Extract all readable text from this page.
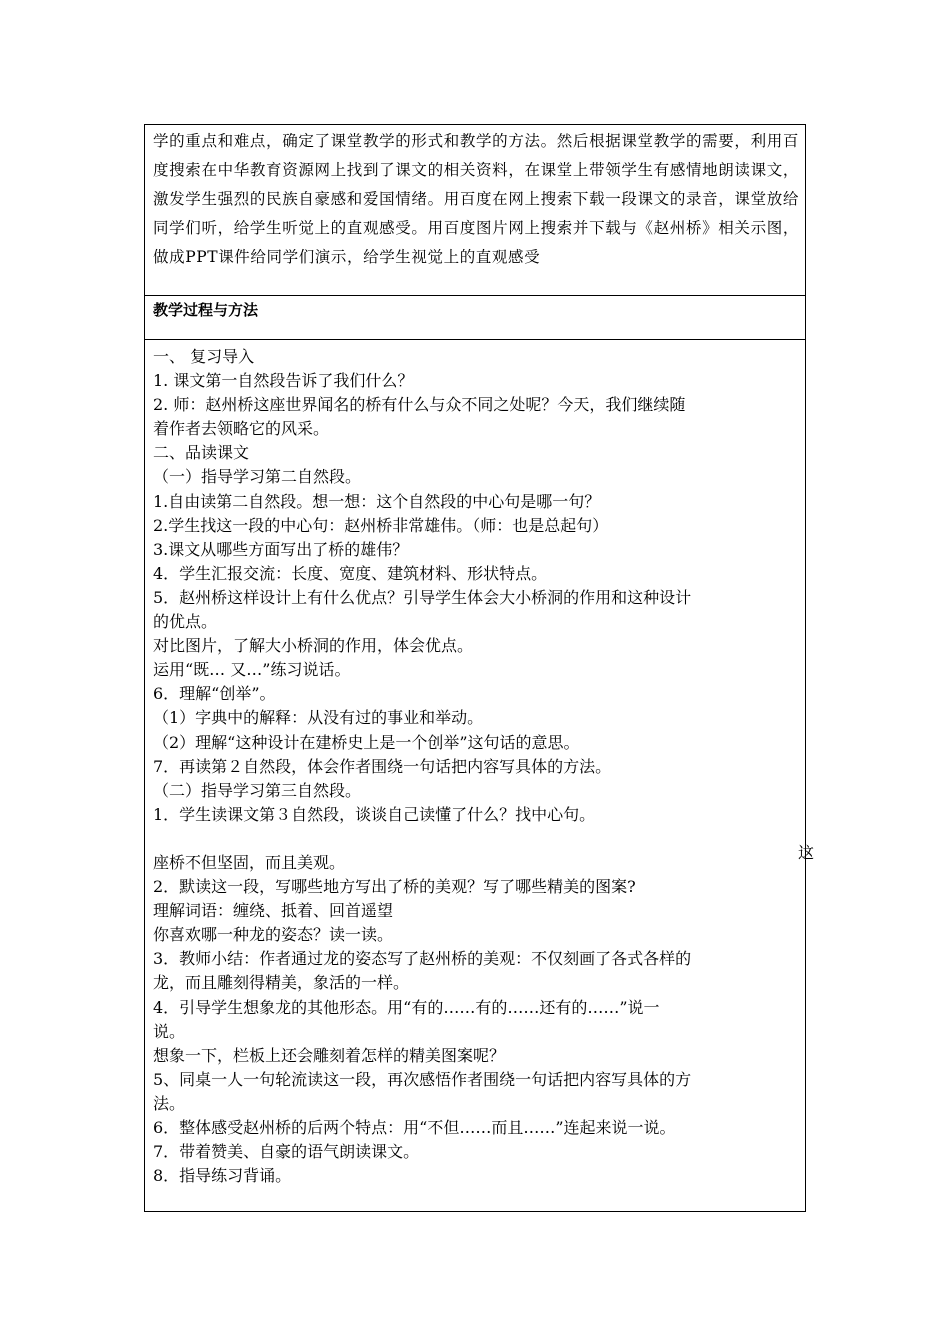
学的重点和难点，确定了课堂教学的形式和教学的方法。然后根据课堂教学的需要，利用百度搜索在中华教育资源网上找到了课文的相关资料，在课堂上带领学生有感情地朗读课文，激发学生强烈的民族自豪感和爱国情绪。用百度在网上搜索下载一段课文的录音，课堂放给同学们听，给学生听觉上的直观感受。用百度图片网上搜索并下载与《赵州桥》相关示图，做成PPT课件给同学们演示，给学生视觉上的直观感受

教学过程与方法
一、 复习导入
1. 课文第一自然段告诉了我们什么？
2. 师：赵州桥这座世界闻名的桥有什么与众不同之处呢？今天，我们继续随
着作者去领略它的风采。
二、品读课文
（一）指导学习第二自然段。
1.自由读第二自然段。想一想：这个自然段的中心句是哪一句？
2.学生找这一段的中心句：赵州桥非常雄伟。（师：也是总起句）
3.课文从哪些方面写出了桥的雄伟？
4．学生汇报交流：长度、宽度、建筑材料、形状特点。
5．赵州桥这样设计上有什么优点？引导学生体会大小桥洞的作用和这种设计
的优点。
对比图片，了解大小桥洞的作用，体会优点。
运用“既… 又…”练习说话。
6．理解“创举”。
（1）字典中的解释：从没有过的事业和举动。
（2）理解“这种设计在建桥史上是一个创举”这句话的意思。
7．再读第２自然段，体会作者围绕一句话把内容写具体的方法。
（二）指导学习第三自然段。
1．学生读课文第３自然段，谈谈自己读懂了什么？找中心句。
座桥不但坚固，而且美观。
2．默读这一段，写哪些地方写出了桥的美观？写了哪些精美的图案?
理解词语：缠绕、抵着、回首遥望
你喜欢哪一种龙的姿态？读一读。
3．教师小结：作者通过龙的姿态写了赵州桥的美观：不仅刻画了各式各样的
龙，而且雕刻得精美，象活的一样。
4．引导学生想象龙的其他形态。用“有的……有的……还有的……”说一
说。
想象一下，栏板上还会雕刻着怎样的精美图案呢？
5、同桌一人一句轮流读这一段，再次感悟作者围绕一句话把内容写具体的方
法。
6．整体感受赵州桥的后两个特点：用“不但……而且……”连起来说一说。
7．带着赞美、自豪的语气朗读课文。
8．指导练习背诵。
这
